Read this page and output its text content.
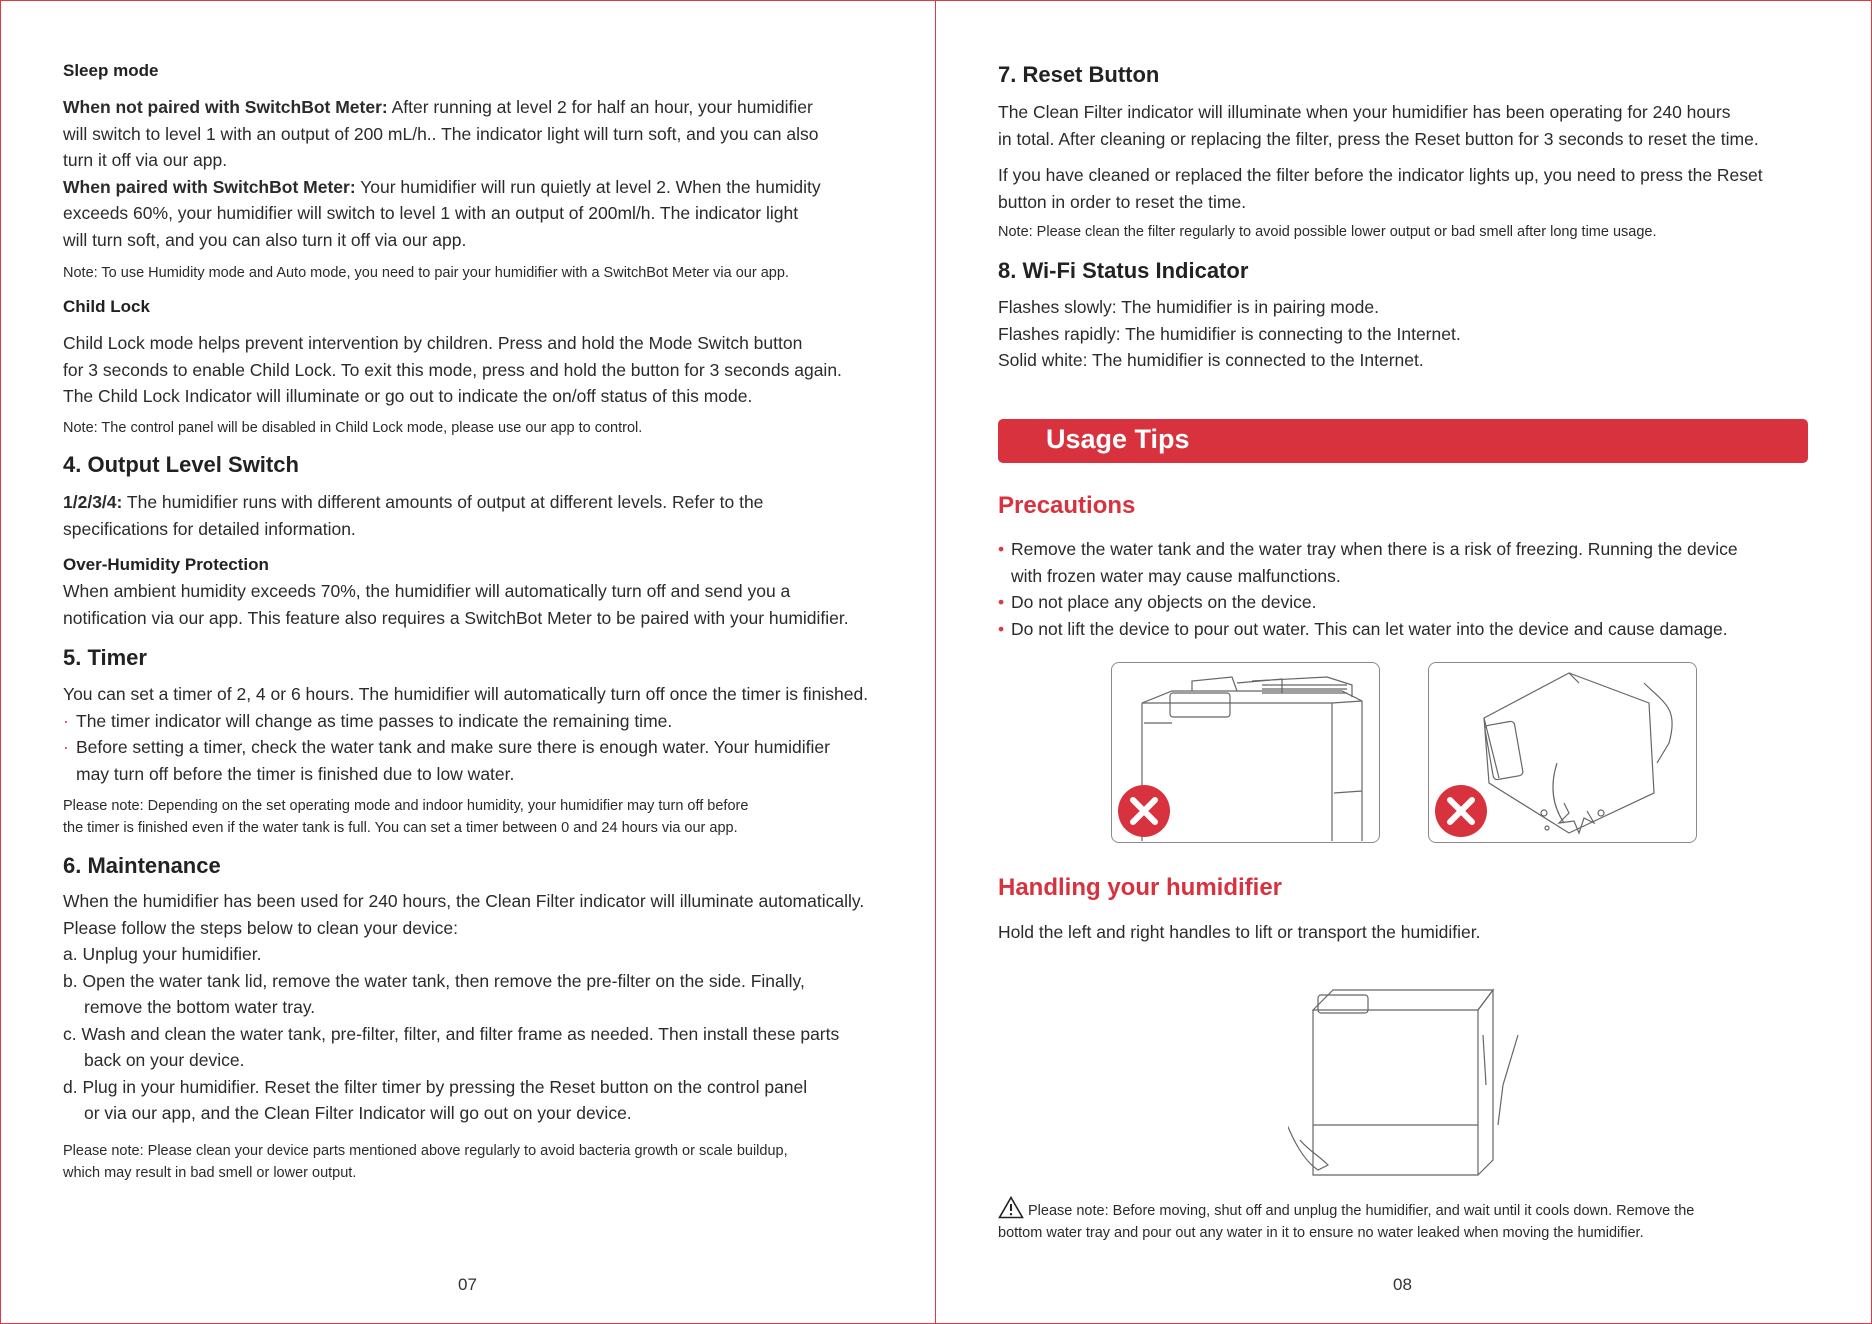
Sleep mode

When not paired with SwitchBot Meter: After running at level 2 for half an hour, your humidifier

will switch to level 1 with an output of 200 mL/h.. The indicator light will turn soft, and you can also

turn it off via our app.

When paired with SwitchBot Meter: Your humidifier will run quietly at level 2. When the humidity

exceeds 60%, your humidifier will switch to level 1 with an output of 200ml/h. The indicator light

will turn soft, and you can also turn it off via our app.

Note: To use Humidity mode and Auto mode, you need to pair your humidifier with a SwitchBot Meter via our app.

Child Lock

Child Lock mode helps prevent intervention by children. Press and hold the Mode Switch button

for 3 seconds to enable Child Lock. To exit this mode, press and hold the button for 3 seconds again.

The Child Lock Indicator will illuminate or go out to indicate the on/off status of this mode.

Note: The control panel will be disabled in Child Lock mode, please use our app to control.

4. Output Level Switch

1/2/3/4: The humidifier runs with different amounts of output at different levels. Refer to the

specifications for detailed information.

Over-Humidity Protection

When ambient humidity exceeds 70%, the humidifier will automatically turn off and send you a

notification via our app. This feature also requires a SwitchBot Meter to be paired with your humidifier.

5. Timer

You can set a timer of 2, 4 or 6 hours. The humidifier will automatically turn off once the timer is finished.

· The timer indicator will change as time passes to indicate the remaining time.

· Before setting a timer, check the water tank and make sure there is enough water. Your humidifier

may turn off before the timer is finished due to low water.

Please note: Depending on the set operating mode and indoor humidity, your humidifier may turn off before

the timer is finished even if the water tank is full. You can set a timer between 0 and 24 hours via our app.

6. Maintenance

When the humidifier has been used for 240 hours, the Clean Filter indicator will illuminate automatically.

Please follow the steps below to clean your device:

a. Unplug your humidifier.

b. Open the water tank lid, remove the water tank, then remove the pre-filter on the side. Finally,

remove the bottom water tray.

c. Wash and clean the water tank, pre-filter, filter, and filter frame as needed. Then install these parts

back on your device.

d. Plug in your humidifier. Reset the filter timer by pressing the Reset button on the control panel

or via our app, and the Clean Filter Indicator will go out on your device.

Please note: Please clean your device parts mentioned above regularly to avoid bacteria growth or scale buildup,

which may result in bad smell or lower output.

07

7. Reset Button

The Clean Filter indicator will illuminate when your humidifier has been operating for 240 hours

in total. After cleaning or replacing the filter, press the Reset button for 3 seconds to reset the time.

If you have cleaned or replaced the filter before the indicator lights up, you need to press the Reset

button in order to reset the time.

Note: Please clean the filter regularly to avoid possible lower output or bad smell after long time usage.

8. Wi-Fi Status Indicator

Flashes slowly: The humidifier is in pairing mode.

Flashes rapidly: The humidifier is connecting to the Internet.

Solid white: The humidifier is connected to the Internet.

Usage Tips

Precautions

• Remove the water tank and the water tray when there is a risk of freezing. Running the device

with frozen water may cause malfunctions.

• Do not place any objects on the device.

• Do not lift the device to pour out water. This can let water into the device and cause damage.

Handling your humidifier

Hold the left and right handles to lift or transport the humidifier.

Please note: Before moving, shut off and unplug the humidifier, and wait until it cools down. Remove the

bottom water tray and pour out any water in it to ensure no water leaked when moving the humidifier.

08
